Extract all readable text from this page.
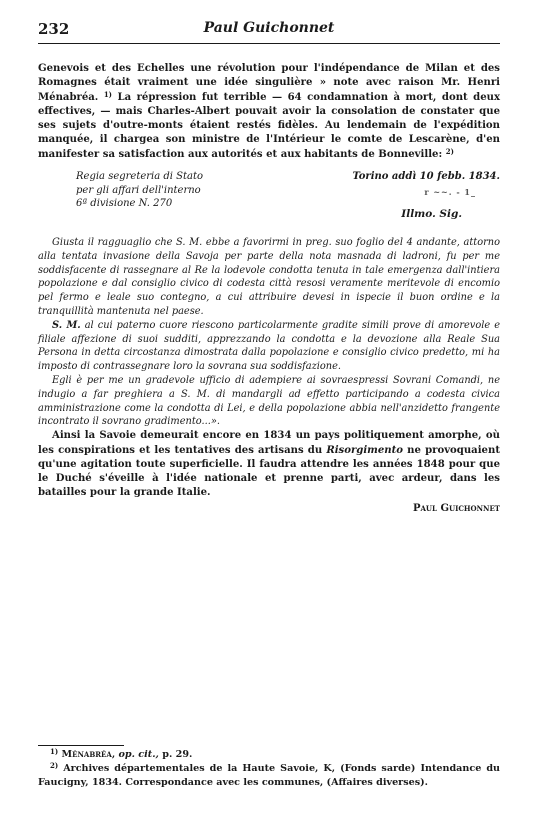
232	Paul Guichonnet

Genevois et des Echelles une révolution pour l'indépendance de Milan et des Romagnes était vraiment une idée singulière » note avec raison Mr. Henri Ménabréa. $^{1)}$ La répression fut terrible — 64 condamnation à mort, dont deux effectives, — mais Charles-Albert pouvait avoir la consolation de constater que ses sujets d'outre-monts étaient restés fidèles. Au lendemain de l'expédition manquée, il chargea son ministre de l'Intérieur le comte de Lescarène, d'en manifester sa satisfaction aux autorités et aux habitants de Bonneville: $^{2)}$

Regia segreteria di Stato
per gli affari dell'interno
6ª divisione N. 270
Torino addì 10 febb. 1834.
r ~~. - 1_
Illmo. Sig.

Giusta il ragguaglio che S. M. ebbe a favorirmi in preg. suo foglio del 4 andante, attorno alla tentata invasione della Savoja per parte della nota masnada di ladroni, fu per me soddisfacente di rassegnare al Re la lodevole condotta tenuta in tale emergenza dall'intiera popolazione e dal consiglio civico di codesta città resosi veramente meritevole di encomio pel fermo e leale suo contegno, a cui attribuire devesi in ispecie il buon ordine e la tranquillità mantenuta nel paese.

S. M. al cui paterno cuore riescono particolarmente gradite simili prove di amorevole e filiale affezione di suoi sudditi, apprezzando la condotta e la devozione alla Reale Sua Persona in detta circostanza dimostrata dalla popolazione e consiglio civico predetto, mi ha imposto di contrassegnare loro la sovrana sua soddisfazione.

Egli è per me un gradevole ufficio di adempiere ai sovraespressi Sovrani Comandi, ne indugio a far preghiera a S. M. di mandargli ad effetto participando a codesta civica amministrazione come la condotta di Lei, e della popolazione abbia nell'anzidetto frangente incontrato il sovrano gradimento...».

Ainsi la Savoie demeurait encore en 1834 un pays politiquement amorphe, où les conspirations et les tentatives des artisans du Risorgimento ne provoquaient qu'une agitation toute superficielle. Il faudra attendre les années 1848 pour que le Duché s'éveille à l'idée nationale et prenne parti, avec ardeur, dans les batailles pour la grande Italie.

Paul Guichonnet

$^{1)}$ Ménabréa, op. cit., p. 29.

$^{2)}$ Archives départementales de la Haute Savoie, K, (Fonds sarde) Intendance du Faucigny, 1834. Correspondance avec les communes, (Affaires diverses).
